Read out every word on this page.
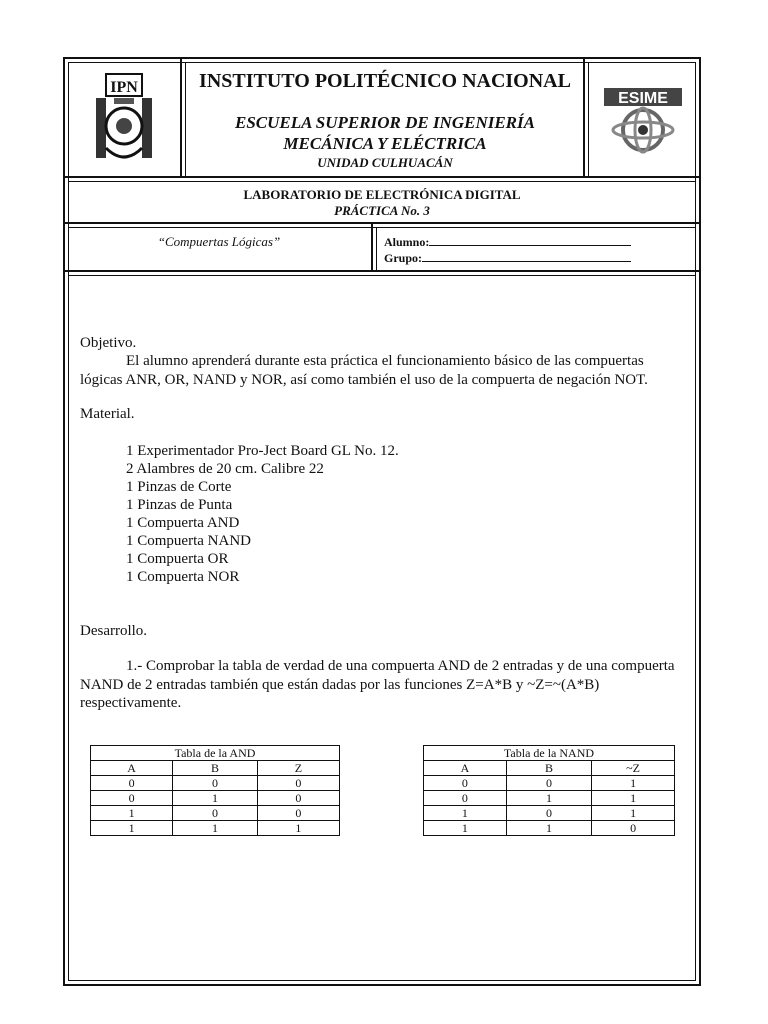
IPN
ESIME
INSTITUTO POLITÉCNICO NACIONAL
ESCUELA SUPERIOR DE INGENIERÍA
MECÁNICA Y ELÉCTRICA
UNIDAD CULHUACÁN
LABORATORIO DE ELECTRÓNICA DIGITAL
PRÁCTICA No. 3
“Compuertas Lógicas”	Alumno:
Grupo:
Objetivo.
El alumno aprenderá durante esta práctica el funcionamiento básico de las compuertas
lógicas ANR, OR, NAND y NOR, así como también el uso de la compuerta de negación NOT.
Material.
1 Experimentador Pro-Ject Board GL No. 12.
2 Alambres de 20 cm. Calibre 22
1 Pinzas de Corte
1 Pinzas de Punta
1 Compuerta AND
1 Compuerta NAND
1 Compuerta OR
1 Compuerta NOR
Desarrollo.
1.- Comprobar la tabla de verdad de una compuerta AND de 2 entradas y de una compuerta
NAND de 2 entradas también que están dadas por las funciones Z=A*B y ~Z=~(A*B)
respectivamente.
Tabla de la AND		
A	B	Z
0	0	0
0	1	0
1	0	0
1	1	1
Tabla de la NAND		
A	B	~Z
0	0	1
0	1	1
1	0	1
1	1	0
